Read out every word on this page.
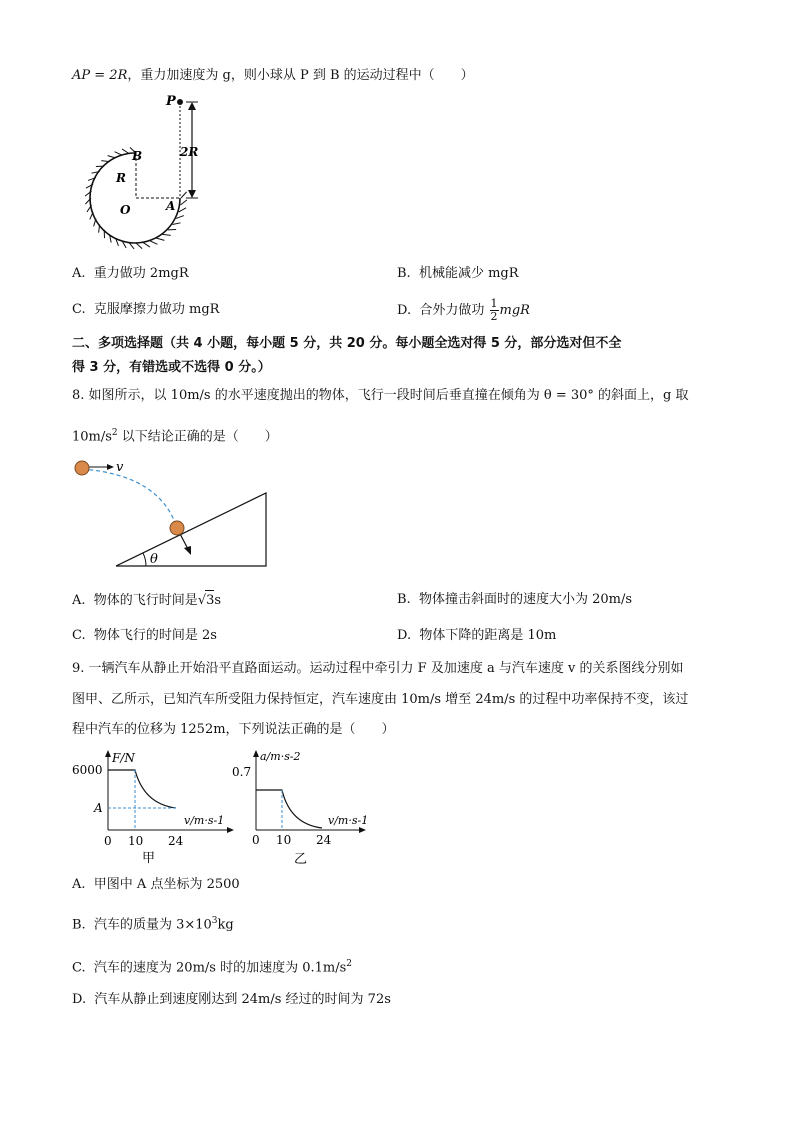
AP = 2R，重力加速度为 g，则小球从 P 到 B 的运动过程中（　　）
P
B
R
O	A
2R
A. 重力做功 2mgR	B. 机械能减少 mgR
C. 克服摩擦力做功 mgR	D. 合外力做功 $\frac{1}{2}$ mgR
二、多项选择题（共 4 小题，每小题 5 分，共 20 分。每小题全选对得 5 分，部分选对但不全
得 3 分，有错选或不选得 0 分。）
8. 如图所示，以 10m/s 的水平速度抛出的物体，飞行一段时间后垂直撞在倾角为 θ = 30° 的斜面上，g 取
$10m/s^2$ 以下结论正确的是（　　）
θ
v
A. 物体的飞行时间是√3s	B. 物体撞击斜面时的速度大小为 20m/s
C. 物体飞行的时间是 2s	D. 物体下降的距离是 10m
9. 一辆汽车从静止开始沿平直路面运动。运动过程中牵引力 F 及加速度 a 与汽车速度 v 的关系图线分别如
图甲、乙所示，已知汽车所受阻力保持恒定，汽车速度由 10m/s 增至 24m/s 的过程中功率保持不变，该过
程中汽车的位移为 1252m，下列说法正确的是（　　）
F/N
6000
A
v/m·s-1
0 10 24
甲
a/m·s-2
0.7
v/m·s-1
0 10 24
乙
A. 甲图中 A 点坐标为 2500
B. 汽车的质量为 $3\times 10^3kg$
C. 汽车的速度为 20m/s 时的加速度为 $0.1m/s^2$
D. 汽车从静止到速度刚达到 24m/s 经过的时间为 72s
